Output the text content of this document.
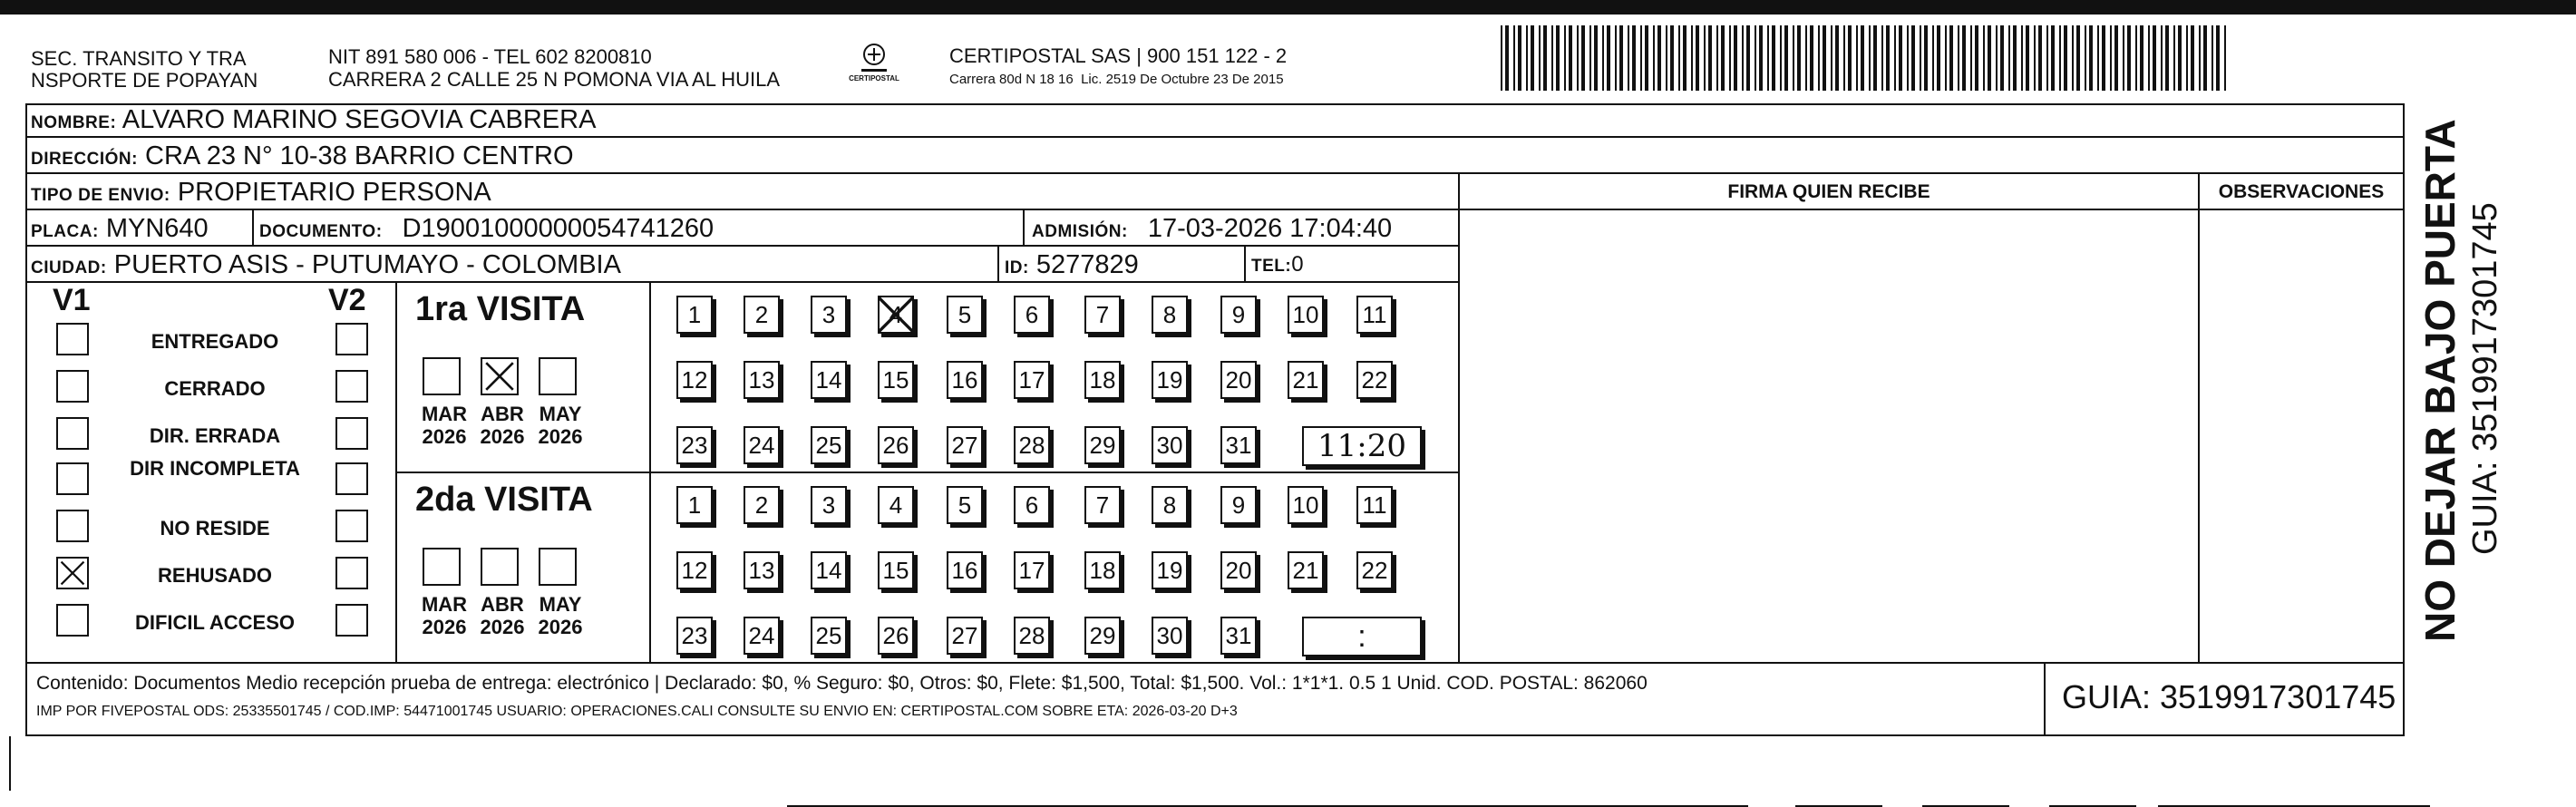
SEC. TRANSITO Y TRA
NSPORTE DE POPAYAN
NIT 891 580 006 - TEL 602 8200810
CARRERA 2 CALLE 25 N POMONA VIA AL HUILA	CERTIPOSTAL
CERTIPOSTAL SAS | 900 151 122 - 2
Carrera 80d N 18 16  Lic. 2519 De Octubre 23 De 2015
NOMBRE: ALVARO MARINO SEGOVIA CABRERA
DIRECCIÓN: CRA 23 N° 10-38 BARRIO CENTRO
TIPO DE ENVIO: PROPIETARIO PERSONA	FIRMA QUIEN RECIBE	OBSERVACIONES
PLACA: MYN640	DOCUMENTO: D19001000000054741260	ADMISIÓN: 17-03-2026 17:04:40
CIUDAD: PUERTO ASIS - PUTUMAYO - COLOMBIA	ID: 5277829	TEL:0
V1	V2
ENTREGADO
CERRADO
DIR. ERRADA
DIR INCOMPLETA
NO RESIDE
REHUSADO
DIFICIL ACCESO
1ra VISITA
MAR
2026
ABR
2026
MAY
2026
1	2	3	4	5	6	7	8	9	10 11
12 13 14 15 16 17 18 19 20 21 22
23 24 25 26 27 28 29 30 31	11:20
2da VISITA
MAR
2026
ABR
2026
MAY
2026
1	2	3	4	5	6	7	8	9	10 11
12 13 14 15 16 17 18 19 20 21 22
23 24 25 26 27 28 29 30 31	:
Contenido: Documentos Medio recepción prueba de entrega: electrónico | Declarado: $0, % Seguro: $0, Otros: $0, Flete: $1,500, Total: $1,500. Vol.: 1*1*1. 0.5 1 Unid. COD. POSTAL: 862060
IMP POR FIVEPOSTAL ODS: 25335501745 / COD.IMP: 54471001745 USUARIO: OPERACIONES.CALI CONSULTE SU ENVIO EN: CERTIPOSTAL.COM SOBRE ETA: 2026-03-20 D+3	GUIA: 3519917301745
NO DEJAR BAJO PUERTA GUIA: 3519917301745
